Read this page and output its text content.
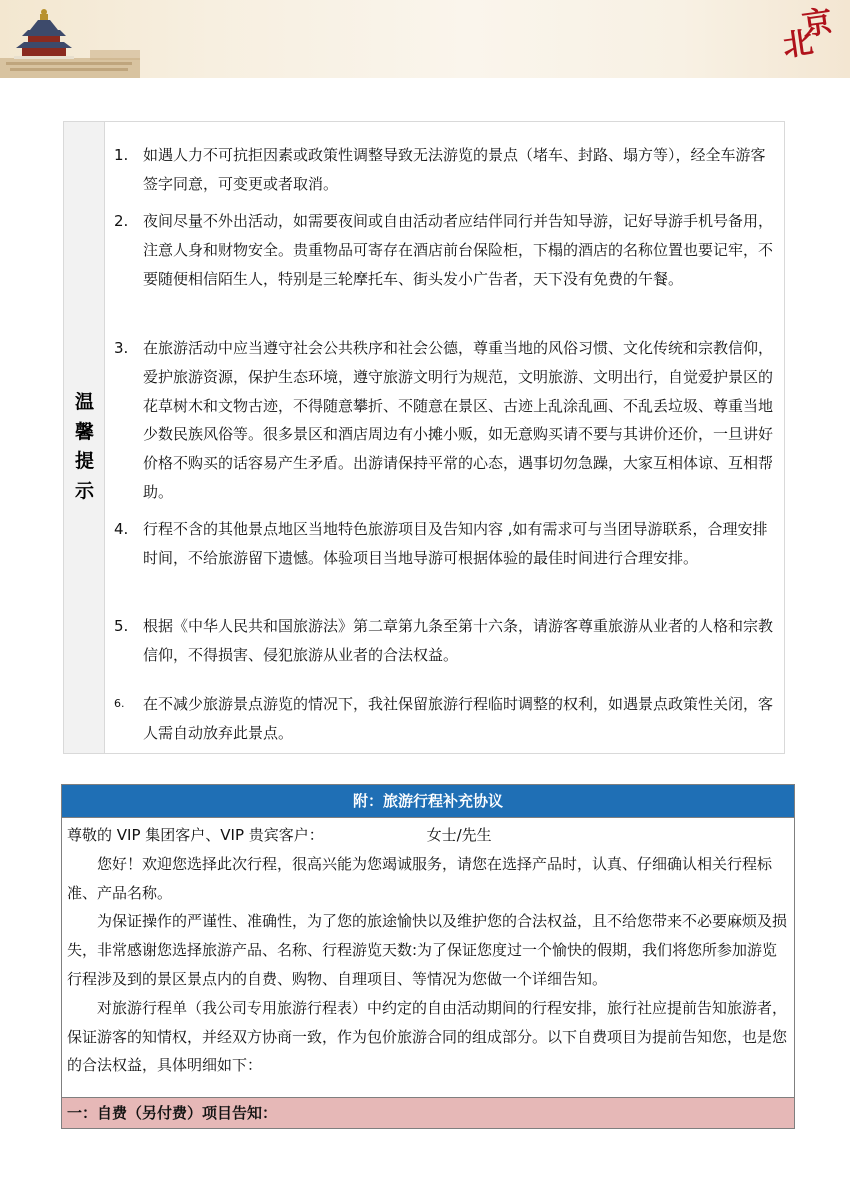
北
京
温
馨
提
示
1. 如遇人力不可抗拒因素或政策性调整导致无法游览的景点（堵车、封路、塌方等），经全车游客签字同意，可变更或者取消。
2. 夜间尽量不外出活动，如需要夜间或自由活动者应结伴同行并告知导游，记好导游手机号备用，注意人身和财物安全。贵重物品可寄存在酒店前台保险柜，下榻的酒店的名称位置也要记牢，不要随便相信陌生人，特别是三轮摩托车、街头发小广告者，天下没有免费的午餐。
3. 在旅游活动中应当遵守社会公共秩序和社会公德，尊重当地的风俗习惯、文化传统和宗教信仰，爱护旅游资源，保护生态环境，遵守旅游文明行为规范，文明旅游、文明出行，自觉爱护景区的花草树木和文物古迹，不得随意攀折、不随意在景区、古迹上乱涂乱画、不乱丢垃圾、尊重当地少数民族风俗等。很多景区和酒店周边有小摊小贩，如无意购买请不要与其讲价还价，一旦讲好价格不购买的话容易产生矛盾。出游请保持平常的心态，遇事切勿急躁，大家互相体谅、互相帮助。
4. 行程不含的其他景点地区当地特色旅游项目及告知内容 ,如有需求可与当团导游联系，合理安排时间，不给旅游留下遗憾。体验项目当地导游可根据体验的最佳时间进行合理安排。
5. 根据《中华人民共和国旅游法》第二章第九条至第十六条，请游客尊重旅游从业者的人格和宗教信仰，不得损害、侵犯旅游从业者的合法权益。
6.	在不减少旅游景点游览的情况下，我社保留旅游行程临时调整的权利，如遇景点政策性关闭，客人需自动放弃此景点。
附：旅游行程补充协议
尊敬的 VIP 集团客户、VIP 贵宾客户：	女士/先生

您好！欢迎您选择此次行程，很高兴能为您竭诚服务，请您在选择产品时，认真、仔细确认相关行程标准、产品名称。

为保证操作的严谨性、准确性，为了您的旅途愉快以及维护您的合法权益，且不给您带来不必要麻烦及损失，非常感谢您选择旅游产品、名称、行程游览天数:为了保证您度过一个愉快的假期，我们将您所参加游览行程涉及到的景区景点内的自费、购物、自理项目、等情况为您做一个详细告知。

对旅游行程单（我公司专用旅游行程表）中约定的自由活动期间的行程安排，旅行社应提前告知旅游者，保证游客的知情权，并经双方协商一致，作为包价旅游合同的组成部分。以下自费项目为提前告知您，也是您的合法权益，具体明细如下：

一：自费（另付费）项目告知：
